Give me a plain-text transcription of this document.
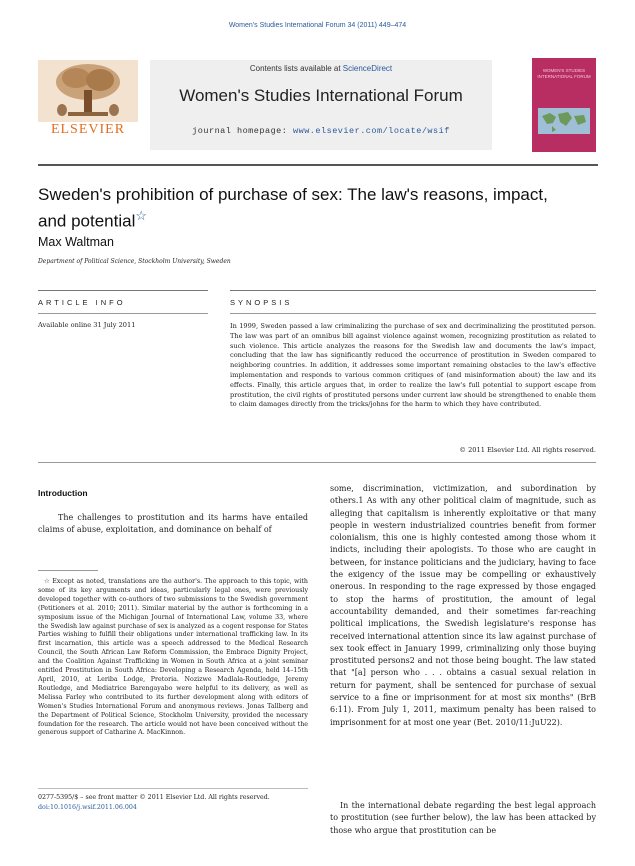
Women's Studies International Forum 34 (2011) 449–474
Contents lists available at ScienceDirect
Women's Studies International Forum
journal homepage: www.elsevier.com/locate/wsif
WOMEN'S STUDIES INTERNATIONAL FORUM
ELSEVIER
Sweden's prohibition of purchase of sex: The law's reasons, impact, and potential☆
Max Waltman
Department of Political Science, Stockholm University, Sweden
ARTICLE INFO	SYNOPSIS
Available online 31 July 2011	In 1999, Sweden passed a law criminalizing the purchase of sex and decriminalizing the prostituted person. The law was part of an omnibus bill against violence against women, recognizing prostitution as related to such violence. This article analyzes the reasons for the Swedish law and documents the law's impact, concluding that the law has significantly reduced the occurrence of prostitution in Sweden compared to neighboring countries. In addition, it addresses some important remaining obstacles to the law's effective implementation and responds to various common critiques of (and misinformation about) the law and its effects. Finally, this article argues that, in order to realize the law's full potential to support escape from prostitution, the civil rights of prostituted persons under current law should be strengthened to enable them to claim damages directly from the tricks/johns for the harm to which they have contributed.
© 2011 Elsevier Ltd. All rights reserved.
Introduction
The challenges to prostitution and its harms have entailed claims of abuse, exploitation, and dominance on behalf of
☆ Except as noted, translations are the author's. The approach to this topic, with some of its key arguments and ideas, particularly legal ones, were previously developed together with co-authors of two submissions to the Swedish government (Petitioners et al. 2010; 2011). Similar material by the author is forthcoming in a symposium issue of the Michigan Journal of International Law, volume 33, where the Swedish law against purchase of sex is analyzed as a cogent response for States Parties wishing to fulfill their obligations under international trafficking law. In its first incarnation, this article was a speech addressed to the Medical Research Council, the South African Law Reform Commission, the Embrace Dignity Project, and the Coalition Against Trafficking in Women in South Africa at a joint seminar entitled Prostitution in South Africa: Developing a Research Agenda, held 14–15th April, 2010, at Leriba Lodge, Pretoria. Nozizwe Madlala-Routledge, Jeremy Routledge, and Mediatrice Barengayabo were helpful to its delivery, as well as Melissa Farley who contributed to its further development along with editors of Women's Studies International Forum and anonymous reviews. Jonas Tallberg and the Department of Political Science, Stockholm University, provided the necessary foundation for the research. The article would not have been conceived without the generous support of Catharine A. MacKinnon.
0277-5395/$ – see front matter © 2011 Elsevier Ltd. All rights reserved.
doi:10.1016/j.wsif.2011.06.004
some, discrimination, victimization, and subordination by others.1 As with any other political claim of magnitude, such as alleging that capitalism is inherently exploitative or that many people in western industrialized countries benefit from former colonialism, this one is highly contested among those whom it indicts, including their apologists. To those who are caught in between, for instance politicians and the judiciary, having to face the exigency of the issue may be compelling or exhaustively onerous. In responding to the rage expressed by those engaged to stop the harms of prostitution, the amount of legal accountability demanded, and their sometimes far-reaching political implications, the Swedish legislature's response has received international attention since its law against purchase of sex took effect in January 1999, criminalizing only those buying prostituted persons2 and not those being bought. The law stated that "[a] person who . . . obtains a casual sexual relation in return for payment, shall be sentenced for purchase of sexual service to a fine or imprisonment for at most six months" (BrB 6:11). From July 1, 2011, maximum penalty has been raised to imprisonment for at most one year (Bet. 2010/11:JuU22).
In the international debate regarding the best legal approach to prostitution (see further below), the law has been attacked by those who argue that prostitution can be
